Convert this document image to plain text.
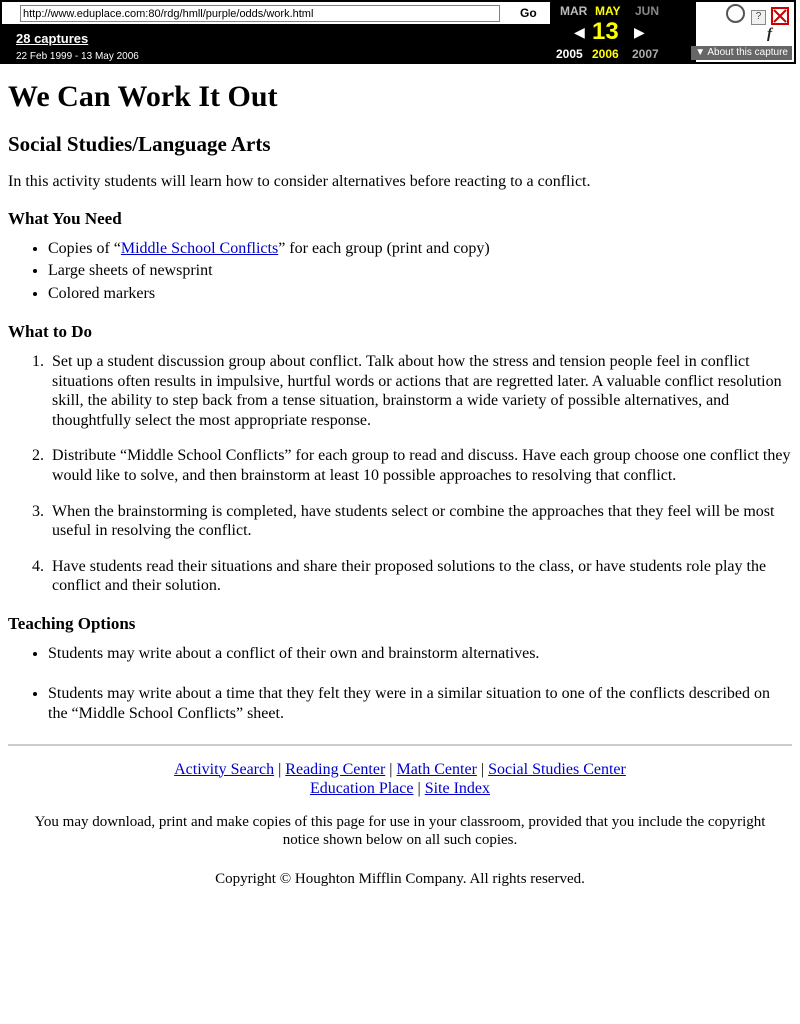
http://www.eduplace.com:80/rdg/hmll/purple/odds/work.html
Go
28 captures
22 Feb 1999 - 13 May 2006
MAR MAY JUN
◀ 13 ▶
2005 2006 2007
?
f
▼ About this capture
We Can Work It Out
Social Studies/Language Arts

In this activity students will learn how to consider alternatives before reacting to a conflict.

What You Need
• Copies of “Middle School Conflicts” for each group (print and copy)
• Large sheets of newsprint
• Colored markers
What to Do
1. Set up a student discussion group about conflict. Talk about how the stress and tension people feel in conflict situations often results in impulsive, hurtful words or actions that are regretted later. A valuable conflict resolution skill, the ability to step back from a tense situation, brainstorm a wide variety of possible alternatives, and thoughtfully select the most appropriate response.
2. Distribute “Middle School Conflicts” for each group to read and discuss. Have each group choose one conflict they would like to solve, and then brainstorm at least 10 possible approaches to resolving that conflict.
3. When the brainstorming is completed, have students select or combine the approaches that they feel will be most useful in resolving the conflict.
4. Have students read their situations and share their proposed solutions to the class, or have students role play the conflict and their solution.
Teaching Options
• Students may write about a conflict of their own and brainstorm alternatives.
• Students may write about a time that they felt they were in a similar situation to one of the conflicts described on the “Middle School Conflicts” sheet.
Activity Search | Reading Center | Math Center | Social Studies Center
Education Place | Site Index
You may download, print and make copies of this page for use in your classroom, provided that you include the copyright
notice shown below on all such copies.
Copyright © Houghton Mifflin Company. All rights reserved.
